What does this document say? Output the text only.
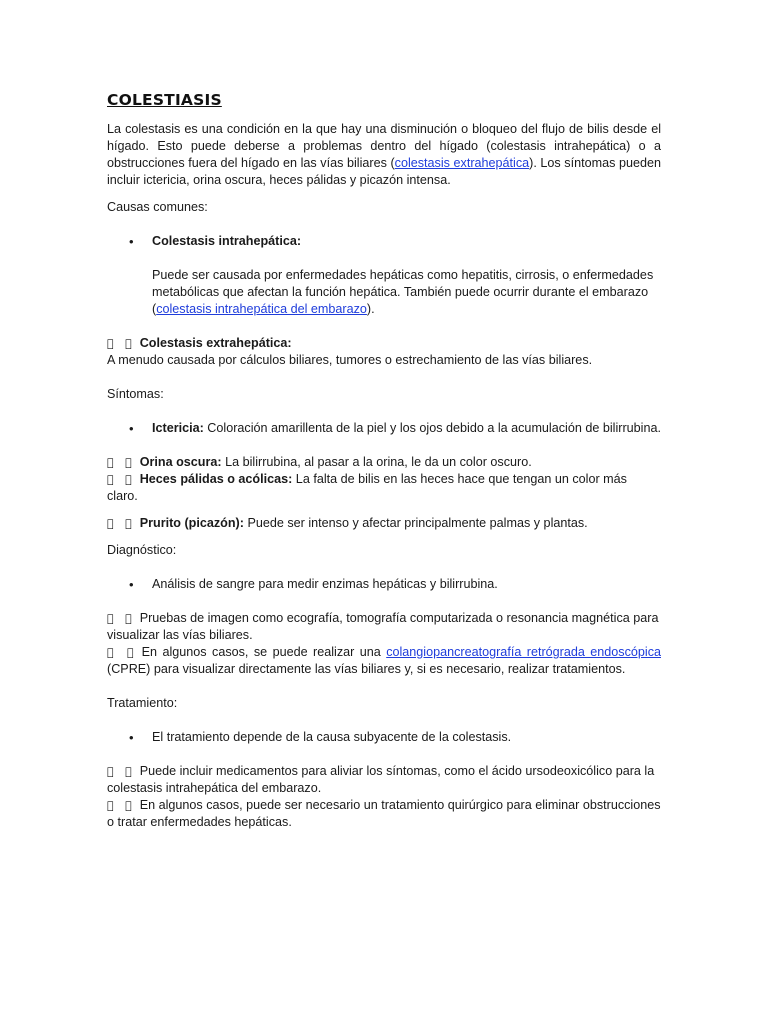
COLESTIASIS

La colestasis es una condición en la que hay una disminución o bloqueo del flujo de bilis desde el hígado. Esto puede deberse a problemas dentro del hígado (colestasis intrahepática) o a obstrucciones fuera del hígado en las vías biliares (colestasis extrahepática). Los síntomas pueden incluir ictericia, orina oscura, heces pálidas y picazón intensa.

Causas comunes:

• Colestasis intrahepática:

Puede ser causada por enfermedades hepáticas como hepatitis, cirrosis, o enfermedades metabólicas que afectan la función hepática. También puede ocurrir durante el embarazo (colestasis intrahepática del embarazo).

Colestasis extrahepática:

A menudo causada por cálculos biliares, tumores o estrechamiento de las vías biliares.

Síntomas:

• Ictericia: Coloración amarillenta de la piel y los ojos debido a la acumulación de bilirrubina.

Orina oscura: La bilirrubina, al pasar a la orina, le da un color oscuro.

Heces pálidas o acólicas: La falta de bilis en las heces hace que tengan un color más claro.

Prurito (picazón): Puede ser intenso y afectar principalmente palmas y plantas.

Diagnóstico:

• Análisis de sangre para medir enzimas hepáticas y bilirrubina.

Pruebas de imagen como ecografía, tomografía computarizada o resonancia magnética para visualizar las vías biliares.

En algunos casos, se puede realizar una colangiopancreatografía retrógrada endoscópica (CPRE) para visualizar directamente las vías biliares y, si es necesario, realizar tratamientos.

Tratamiento:

• El tratamiento depende de la causa subyacente de la colestasis.

Puede incluir medicamentos para aliviar los síntomas, como el ácido ursodeoxicólico para la colestasis intrahepática del embarazo.

En algunos casos, puede ser necesario un tratamiento quirúrgico para eliminar obstrucciones o tratar enfermedades hepáticas.
